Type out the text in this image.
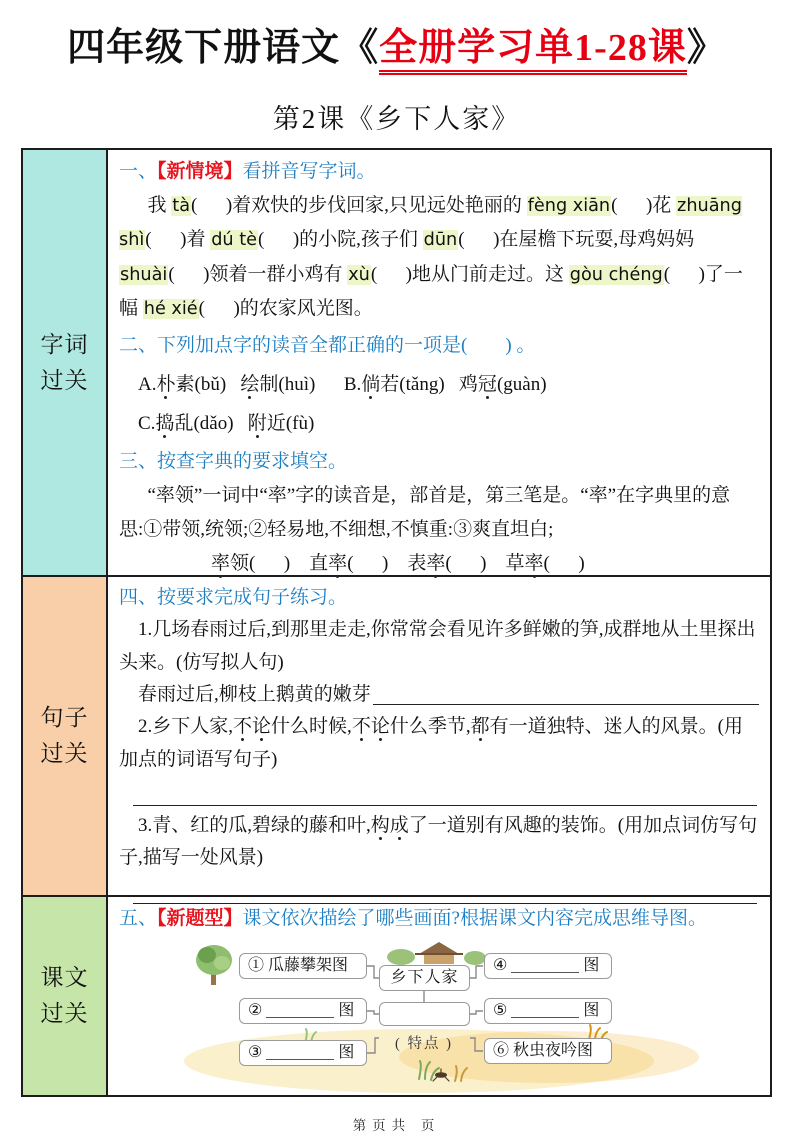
四年级下册语文《全册学习单1-28课》
第2课《乡下人家》
字词过关

一、【新情境】看拼音写字词。

我 tà(      )着欢快的步伐回家,只见远处艳丽的 fèng xiān(      )花 zhuāng shì(      )着 dú tè(      )的小院,孩子们 dūn(      )在屋檐下玩耍,母鸡妈妈 shuài(      )领着一群小鸡有 xù(      )地从门前走过。这 gòu chéng(      )了一幅 hé xié(      )的农家风光图。

二、下列加点字的读音全都正确的一项是(        ) 。

A.朴素(bǔ)   绘制(huì)      B.倘若(tǎng)   鸡冠(guàn)

C.捣乱(dǎo)   附近(fù)

三、按查字典的要求填空。

“率领”一词中“率”字的读音是，部首是，第三笔是。“率”在字典里的意思:①带领,统领;②轻易地,不细想,不慎重:③爽直坦白;

率领(      )    直率(      )    表率(      )    草率(      )

句子过关

四、按要求完成句子练习。

1.几场春雨过后,到那里走走,你常常会看见许多鲜嫩的笋,成群地从土里探出头来。(仿写拟人句)

春雨过后,柳枝上鹅黄的嫩芽

2.乡下人家,不论什么时候,不论什么季节,都有一道独特、迷人的风景。(用加点的词语写句子)

3.青、红的瓜,碧绿的藤和叶,构成了一道别有风趣的装饰。(用加点词仿写句子,描写一处风景)

课文过关

五、【新题型】课文依次描绘了哪些画面?根据课文内容完成思维导图。

① 瓜藤攀架图
②	图
③	图
乡下人家
( 特点 )
④	图
⑤	图
⑥ 秋虫夜吟图
第页共 页
